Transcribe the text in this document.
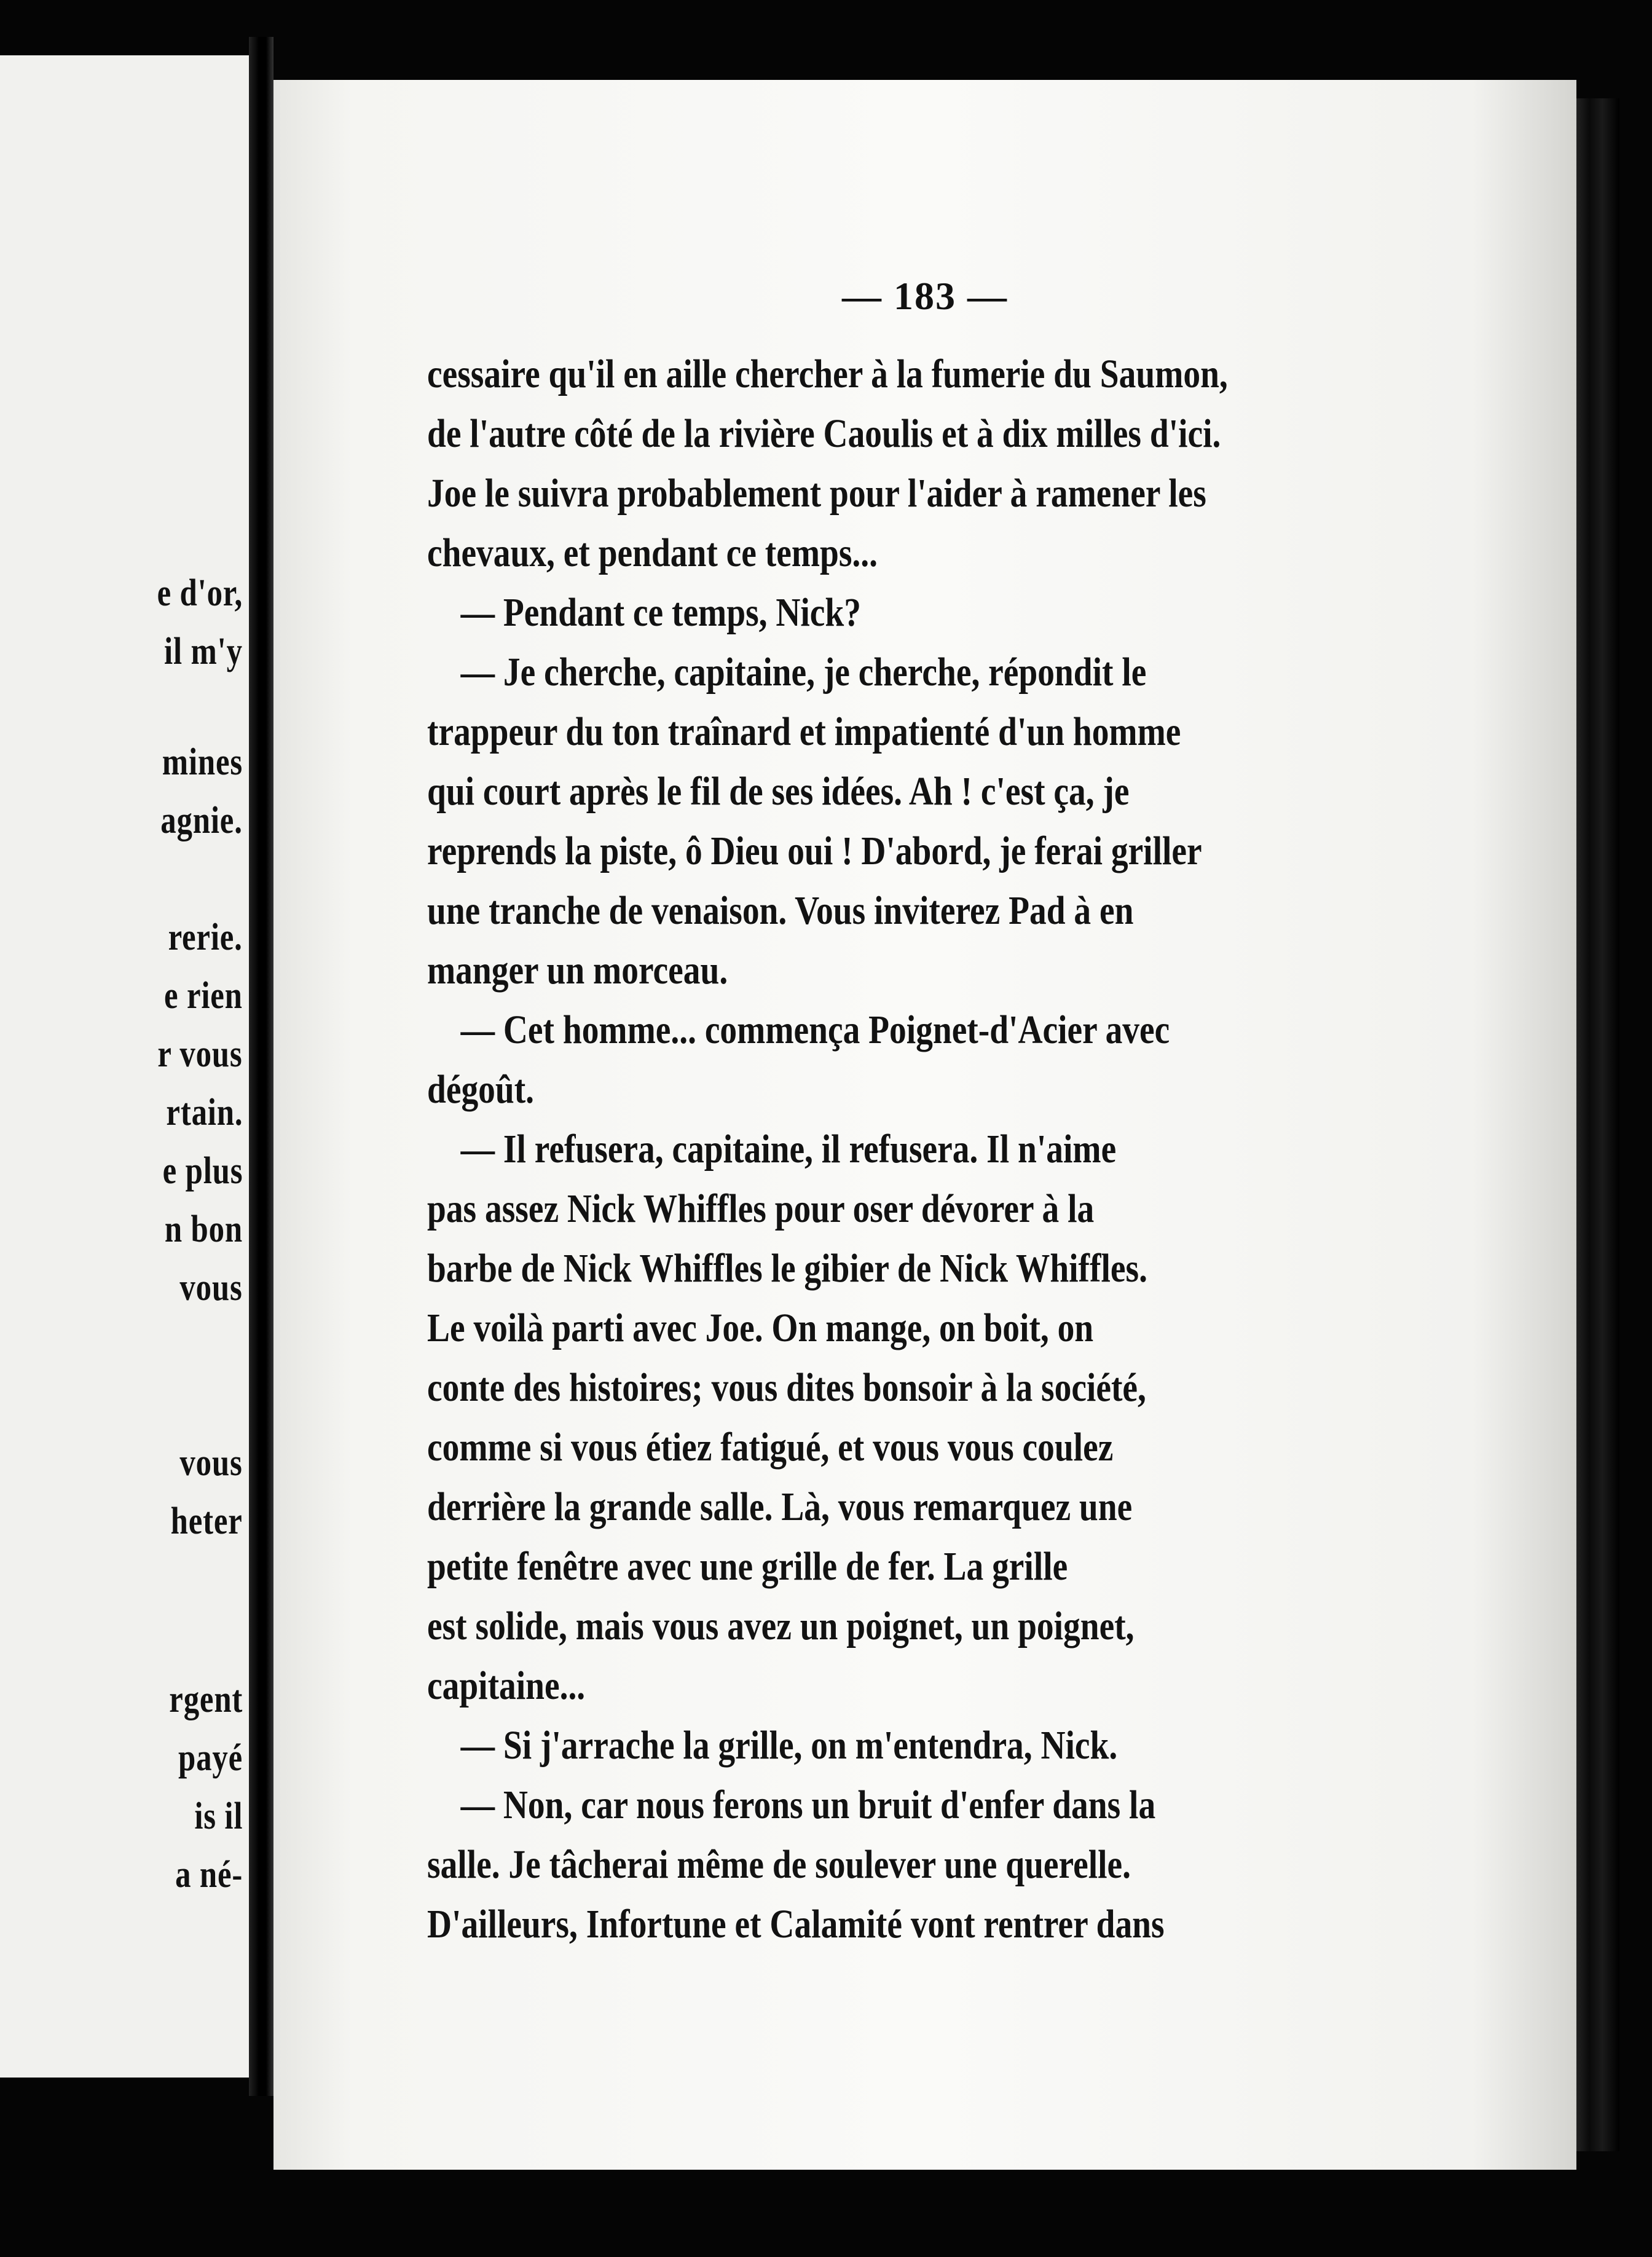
e d'or,
il m'y
mines
agnie.
rerie.
e rien
r vous
rtain.
e plus
n bon
vous
vous
heter
rgent
payé
is il
a né-
— 183 —
cessaire qu'il en aille chercher à la fumerie du Saumon,
de l'autre côté de la rivière Caoulis et à dix milles d'ici.
Joe le suivra probablement pour l'aider à ramener les
chevaux, et pendant ce temps...
— Pendant ce temps, Nick?
— Je cherche, capitaine, je cherche, répondit le
trappeur du ton traînard et impatienté d'un homme
qui court après le fil de ses idées. Ah ! c'est ça, je
reprends la piste, ô Dieu oui ! D'abord, je ferai griller
une tranche de venaison. Vous inviterez Pad à en
manger un morceau.
— Cet homme... commença Poignet-d'Acier avec
dégoût.
— Il refusera, capitaine, il refusera. Il n'aime
pas assez Nick Whiffles pour oser dévorer à la
barbe de Nick Whiffles le gibier de Nick Whiffles.
Le voilà parti avec Joe. On mange, on boit, on
conte des histoires; vous dites bonsoir à la société,
comme si vous étiez fatigué, et vous vous coulez
derrière la grande salle. Là, vous remarquez une
petite fenêtre avec une grille de fer. La grille
est solide, mais vous avez un poignet, un poignet,
capitaine...
— Si j'arrache la grille, on m'entendra, Nick.
— Non, car nous ferons un bruit d'enfer dans la
salle. Je tâcherai même de soulever une querelle.
D'ailleurs, Infortune et Calamité vont rentrer dans
